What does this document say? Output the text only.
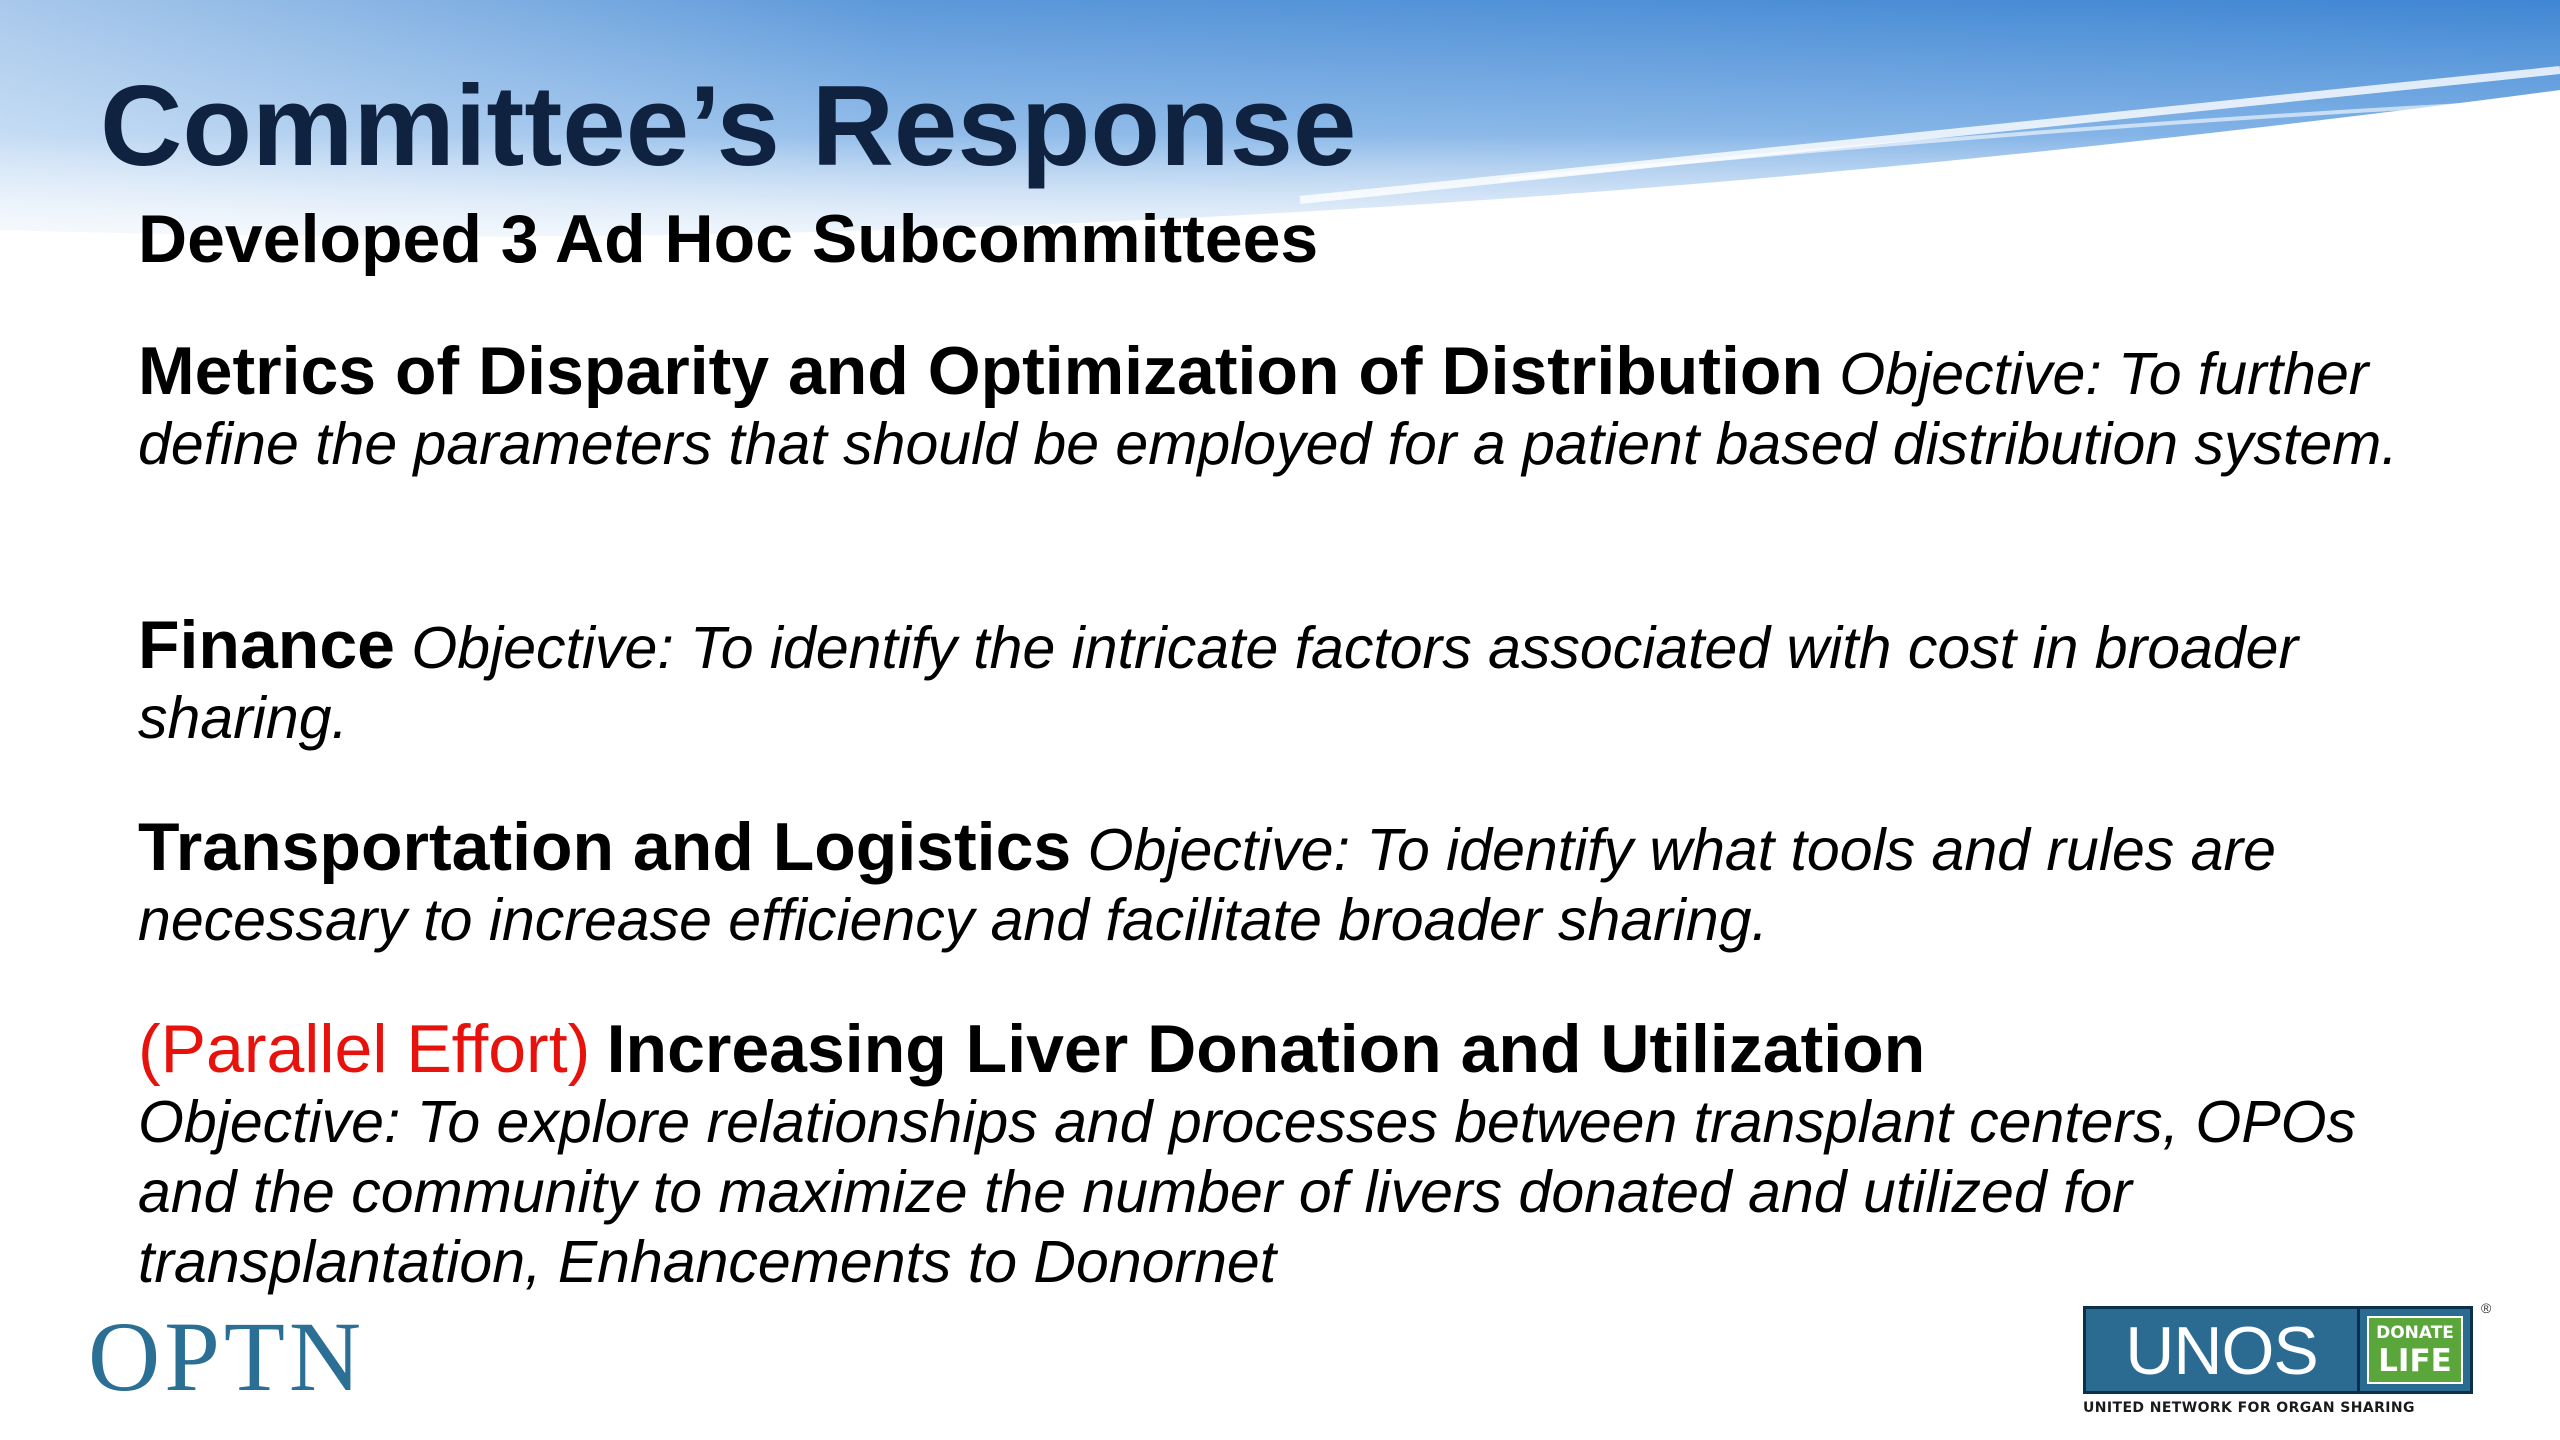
Committee’s Response

Developed 3 Ad Hoc Subcommittees

Metrics of Disparity and Optimization of Distribution Objective: To further define the parameters that should be employed for a patient based distribution system.

Finance Objective: To identify the intricate factors associated with cost in broader sharing.

Transportation and Logistics Objective: To identify what tools and rules are necessary to increase efficiency and facilitate broader sharing.

(Parallel Effort) Increasing Liver Donation and Utilization
Objective: To explore relationships and processes between transplant centers, OPOs and the community to maximize the number of livers donated and utilized for transplantation, Enhancements to Donornet

OPTN	UNOS	DONATE
LIFE
®
UNITED NETWORK FOR ORGAN SHARING
